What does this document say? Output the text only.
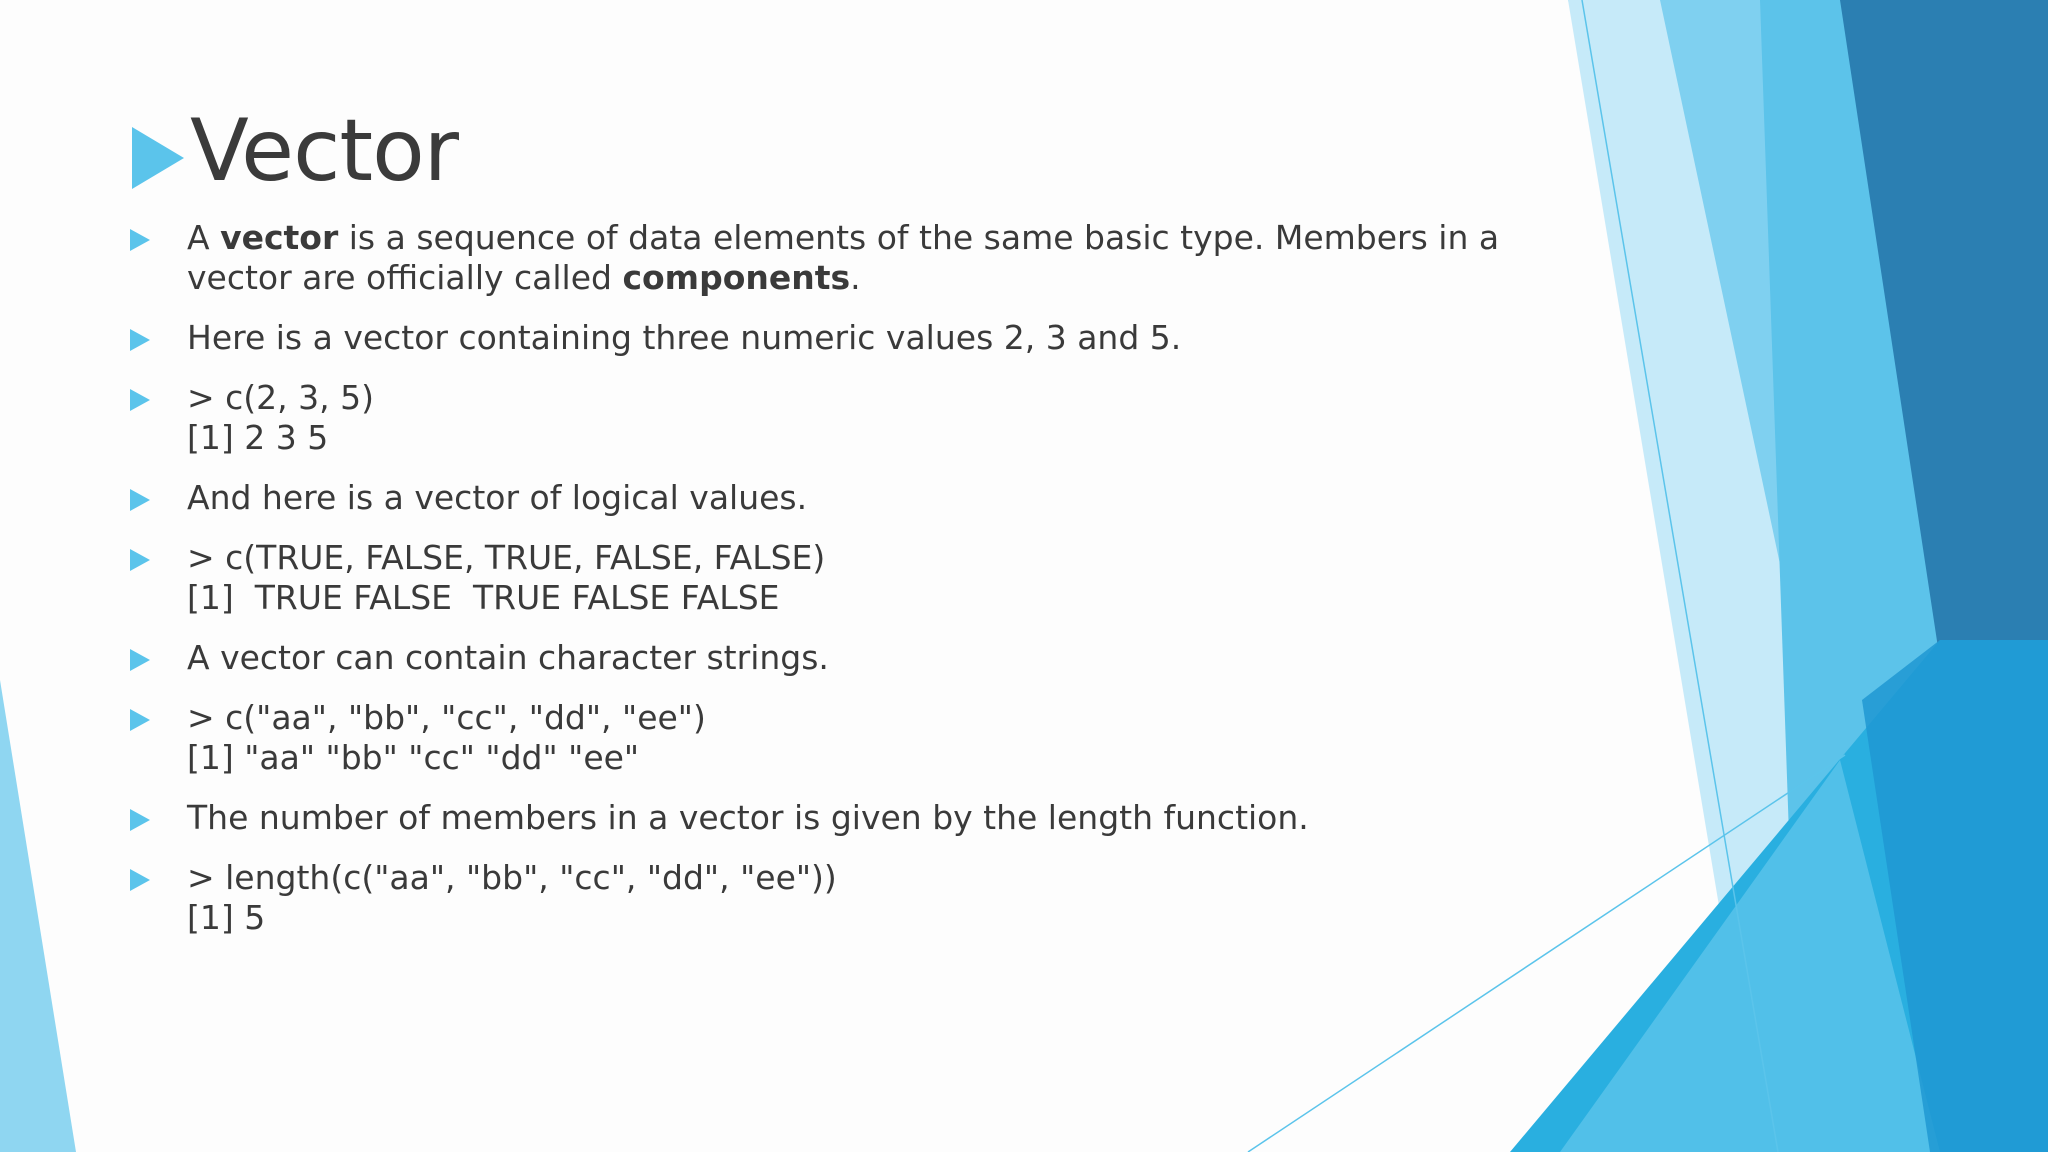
Vector
A vector is a sequence of data elements of the same basic type. Members in a
vector are officially called components.
Here is a vector containing three numeric values 2, 3 and 5.
> c(2, 3, 5)
[1] 2 3 5
And here is a vector of logical values.
> c(TRUE, FALSE, TRUE, FALSE, FALSE)
[1]  TRUE FALSE  TRUE FALSE FALSE
A vector can contain character strings.
> c("aa", "bb", "cc", "dd", "ee")
[1] "aa" "bb" "cc" "dd" "ee"
The number of members in a vector is given by the length function.
> length(c("aa", "bb", "cc", "dd", "ee"))
[1] 5
